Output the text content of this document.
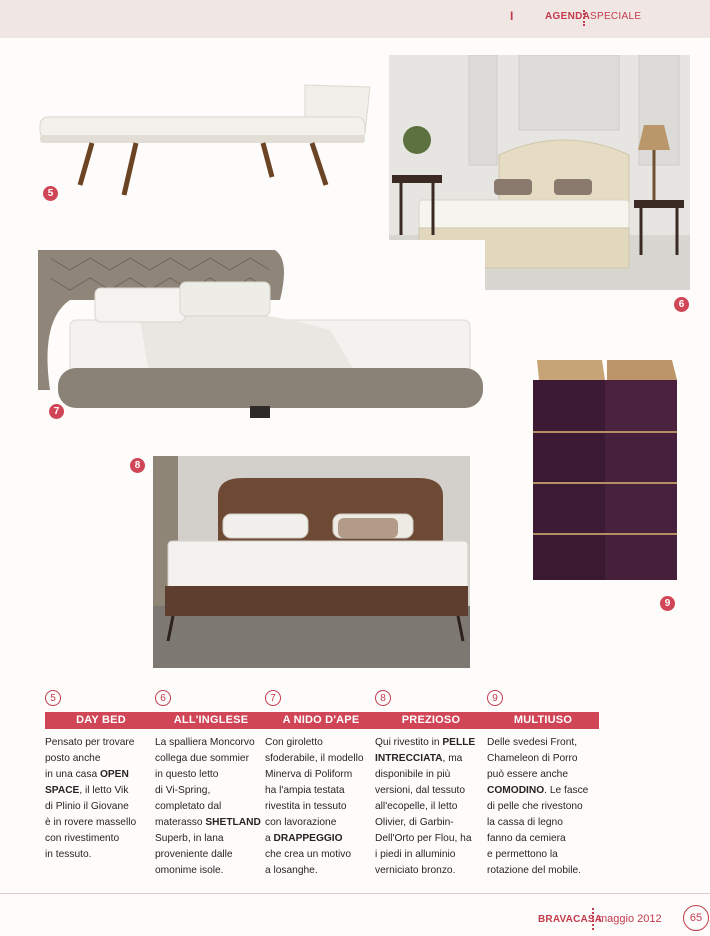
I	AGENDA SPECIALE
5
6
7
8
9
5
DAY BED
Pensato per trovare
posto anche
in una casa OPEN
SPACE, il letto Vik
di Plinio il Giovane
è in rovere massello
con rivestimento
in tessuto.
6
ALL'INGLESE
La spalliera Moncorvo
collega due sommier
in questo letto
di Vi-Spring,
completato dal
materasso SHETLAND
Superb, in lana
proveniente dalle
omonime isole.
7
A NIDO D'APE
Con giroletto
sfoderabile, il modello
Minerva di Poliform
ha l'ampia testata
rivestita in tessuto
con lavorazione
a DRAPPEGGIO
che crea un motivo
a losanghe.
8
PREZIOSO
Qui rivestito in PELLE
INTRECCIATA, ma
disponibile in più
versioni, dal tessuto
all'ecopelle, il letto
Olivier, di Garbin-
Dell'Orto per Flou, ha
i piedi in alluminio
verniciato bronzo.
9
MULTIUSO
Delle svedesi Front,
Chameleon di Porro
può essere anche
COMODINO. Le fasce
di pelle che rivestono
la cassa di legno
fanno da cemiera
e permettono la
rotazione del mobile.
BRAVACASA
maggio 2012	65
